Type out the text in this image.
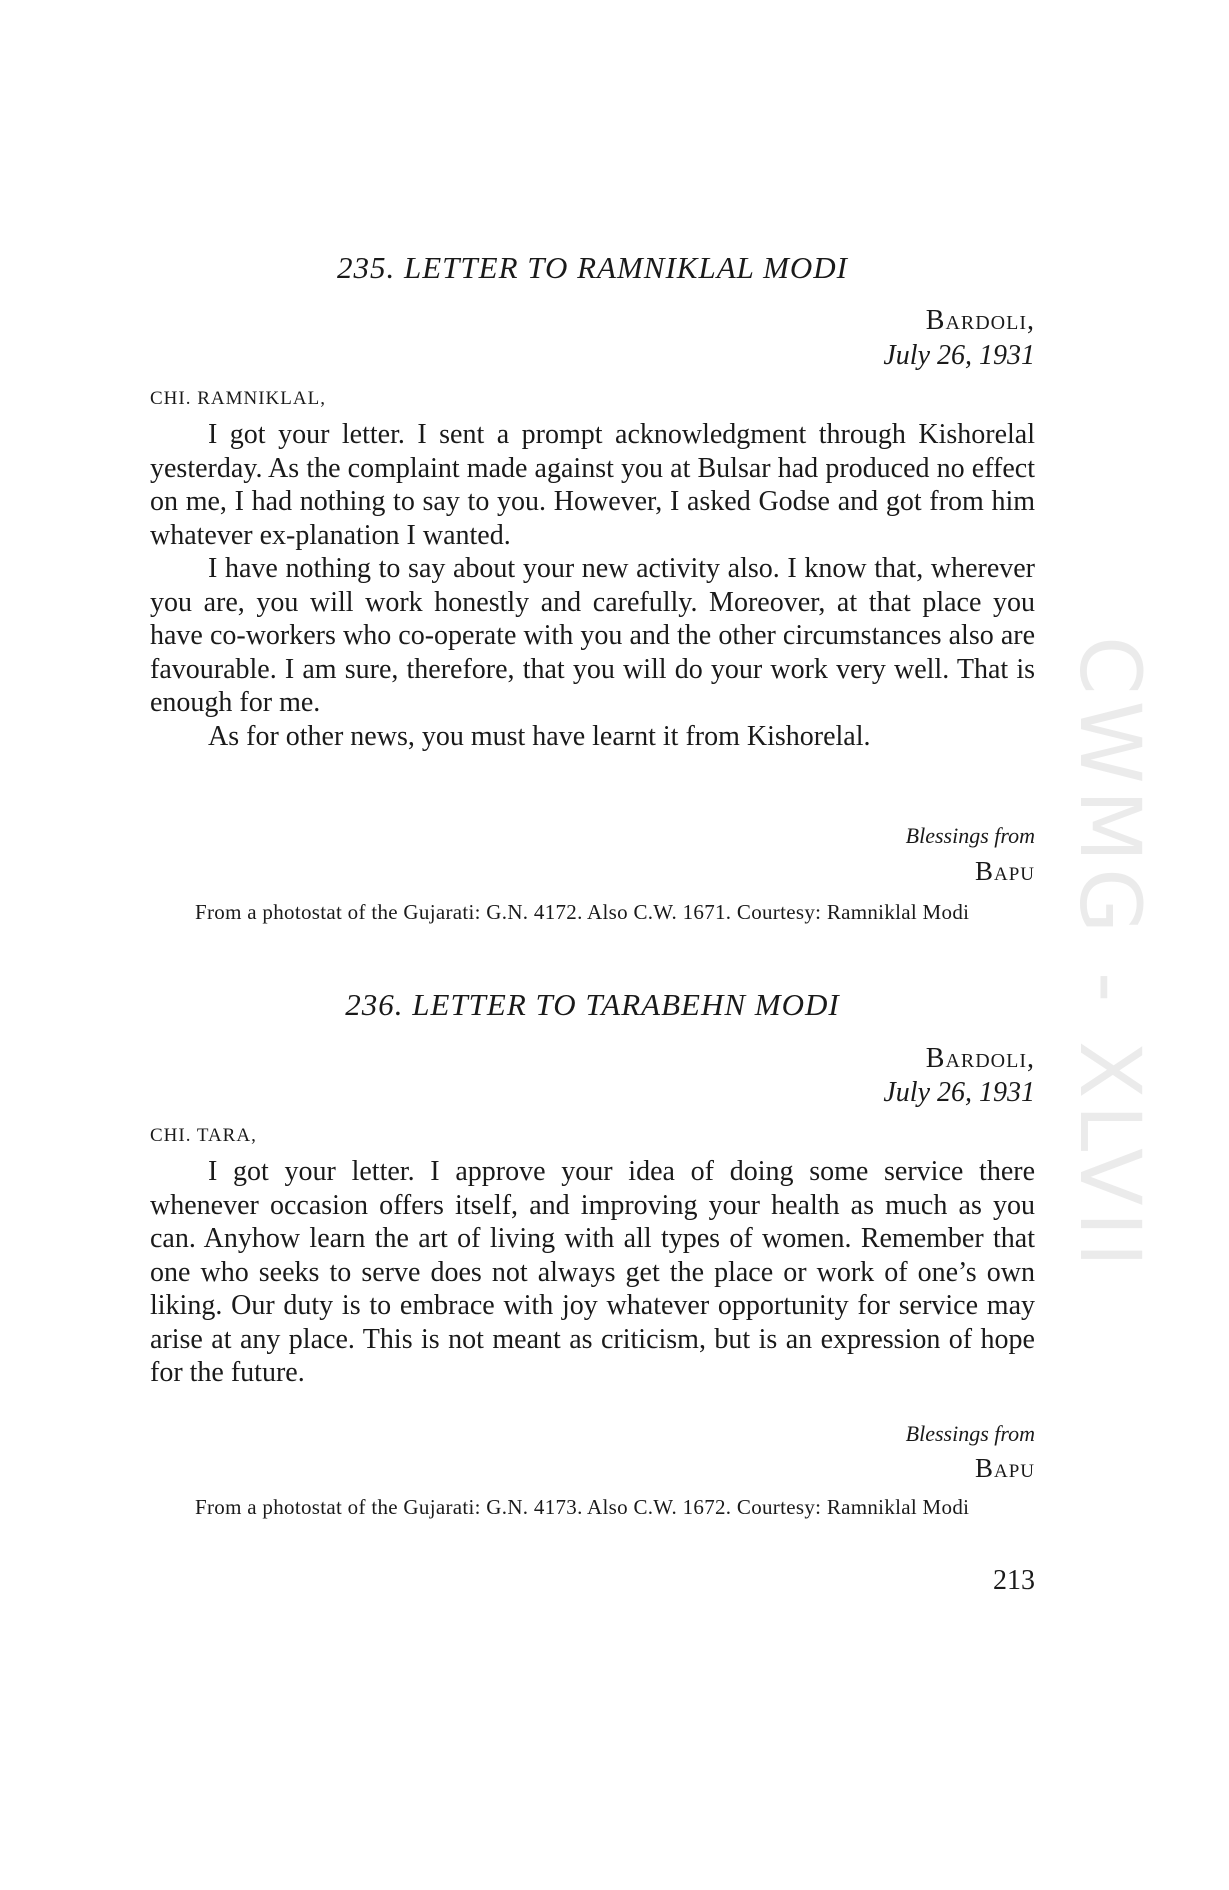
CWMG - XLVII
235. LETTER TO RAMNIKLAL MODI
Bardoli,
July 26, 1931
CHI. RAMNIKLAL,

I got your letter. I sent a prompt acknowledgment through Kishorelal yesterday. As the complaint made against you at Bulsar had produced no effect on me, I had nothing to say to you. However, I asked Godse and got from him whatever ex-planation I wanted.

I have nothing to say about your new activity also. I know that, wherever you are, you will work honestly and carefully. Moreover, at that place you have co-workers who co-operate with you and the other circumstances also are favourable. I am sure, therefore, that you will do your work very well. That is enough for me.

As for other news, you must have learnt it from Kishorelal.

Blessings from
Bapu
From a photostat of the Gujarati: G.N. 4172. Also C.W. 1671. Courtesy: Ramniklal Modi
236. LETTER TO TARABEHN MODI
Bardoli,
July 26, 1931
CHI. TARA,

I got your letter. I approve your idea of doing some service there whenever occasion offers itself, and improving your health as much as you can. Anyhow learn the art of living with all types of women. Remember that one who seeks to serve does not always get the place or work of one’s own liking. Our duty is to embrace with joy whatever opportunity for service may arise at any place. This is not meant as criticism, but is an expression of hope for the future.

Blessings from
Bapu
From a photostat of the Gujarati: G.N. 4173. Also C.W. 1672. Courtesy: Ramniklal Modi
213
